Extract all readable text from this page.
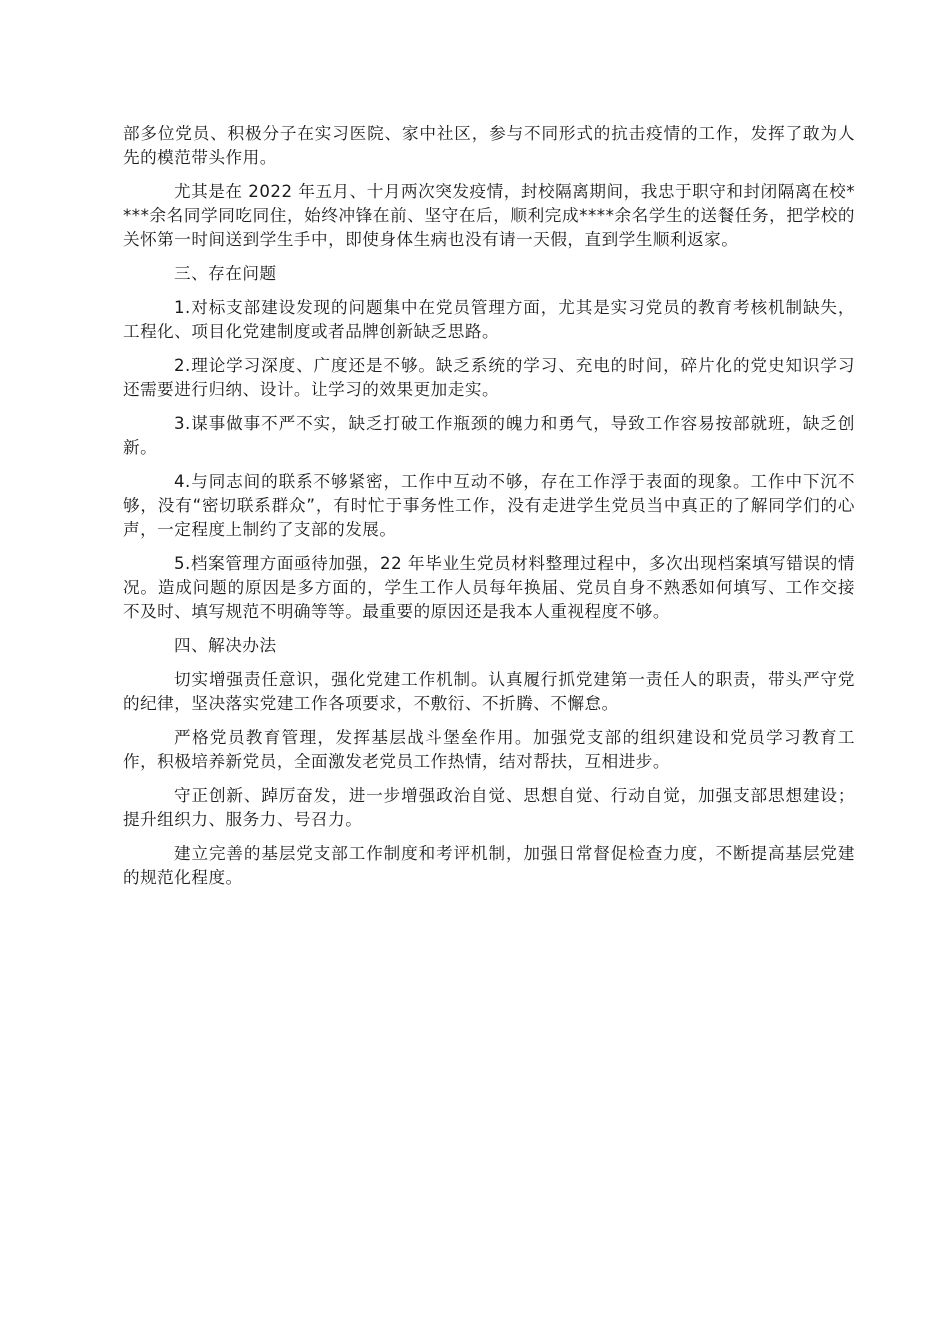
部多位党员、积极分子在实习医院、家中社区，参与不同形式的抗击疫情的工作，发挥了敢为人先的模范带头作用。

尤其是在 2022 年五月、十月两次突发疫情，封校隔离期间，我忠于职守和封闭隔离在校****余名同学同吃同住，始终冲锋在前、坚守在后，顺利完成****余名学生的送餐任务，把学校的关怀第一时间送到学生手中，即使身体生病也没有请一天假，直到学生顺利返家。

三、存在问题

1.对标支部建设发现的问题集中在党员管理方面，尤其是实习党员的教育考核机制缺失，工程化、项目化党建制度或者品牌创新缺乏思路。

2.理论学习深度、广度还是不够。缺乏系统的学习、充电的时间，碎片化的党史知识学习还需要进行归纳、设计。让学习的效果更加走实。

3.谋事做事不严不实，缺乏打破工作瓶颈的魄力和勇气，导致工作容易按部就班，缺乏创新。

4.与同志间的联系不够紧密，工作中互动不够，存在工作浮于表面的现象。工作中下沉不够，没有“密切联系群众”，有时忙于事务性工作，没有走进学生党员当中真正的了解同学们的心声，一定程度上制约了支部的发展。

5.档案管理方面亟待加强，22 年毕业生党员材料整理过程中，多次出现档案填写错误的情况。造成问题的原因是多方面的，学生工作人员每年换届、党员自身不熟悉如何填写、工作交接不及时、填写规范不明确等等。最重要的原因还是我本人重视程度不够。

四、解决办法

切实增强责任意识，强化党建工作机制。认真履行抓党建第一责任人的职责，带头严守党的纪律，坚决落实党建工作各项要求，不敷衍、不折腾、不懈怠。

严格党员教育管理，发挥基层战斗堡垒作用。加强党支部的组织建设和党员学习教育工作，积极培养新党员，全面激发老党员工作热情，结对帮扶，互相进步。

守正创新、踔厉奋发，进一步增强政治自觉、思想自觉、行动自觉，加强支部思想建设；提升组织力、服务力、号召力。

建立完善的基层党支部工作制度和考评机制，加强日常督促检查力度，不断提高基层党建的规范化程度。
